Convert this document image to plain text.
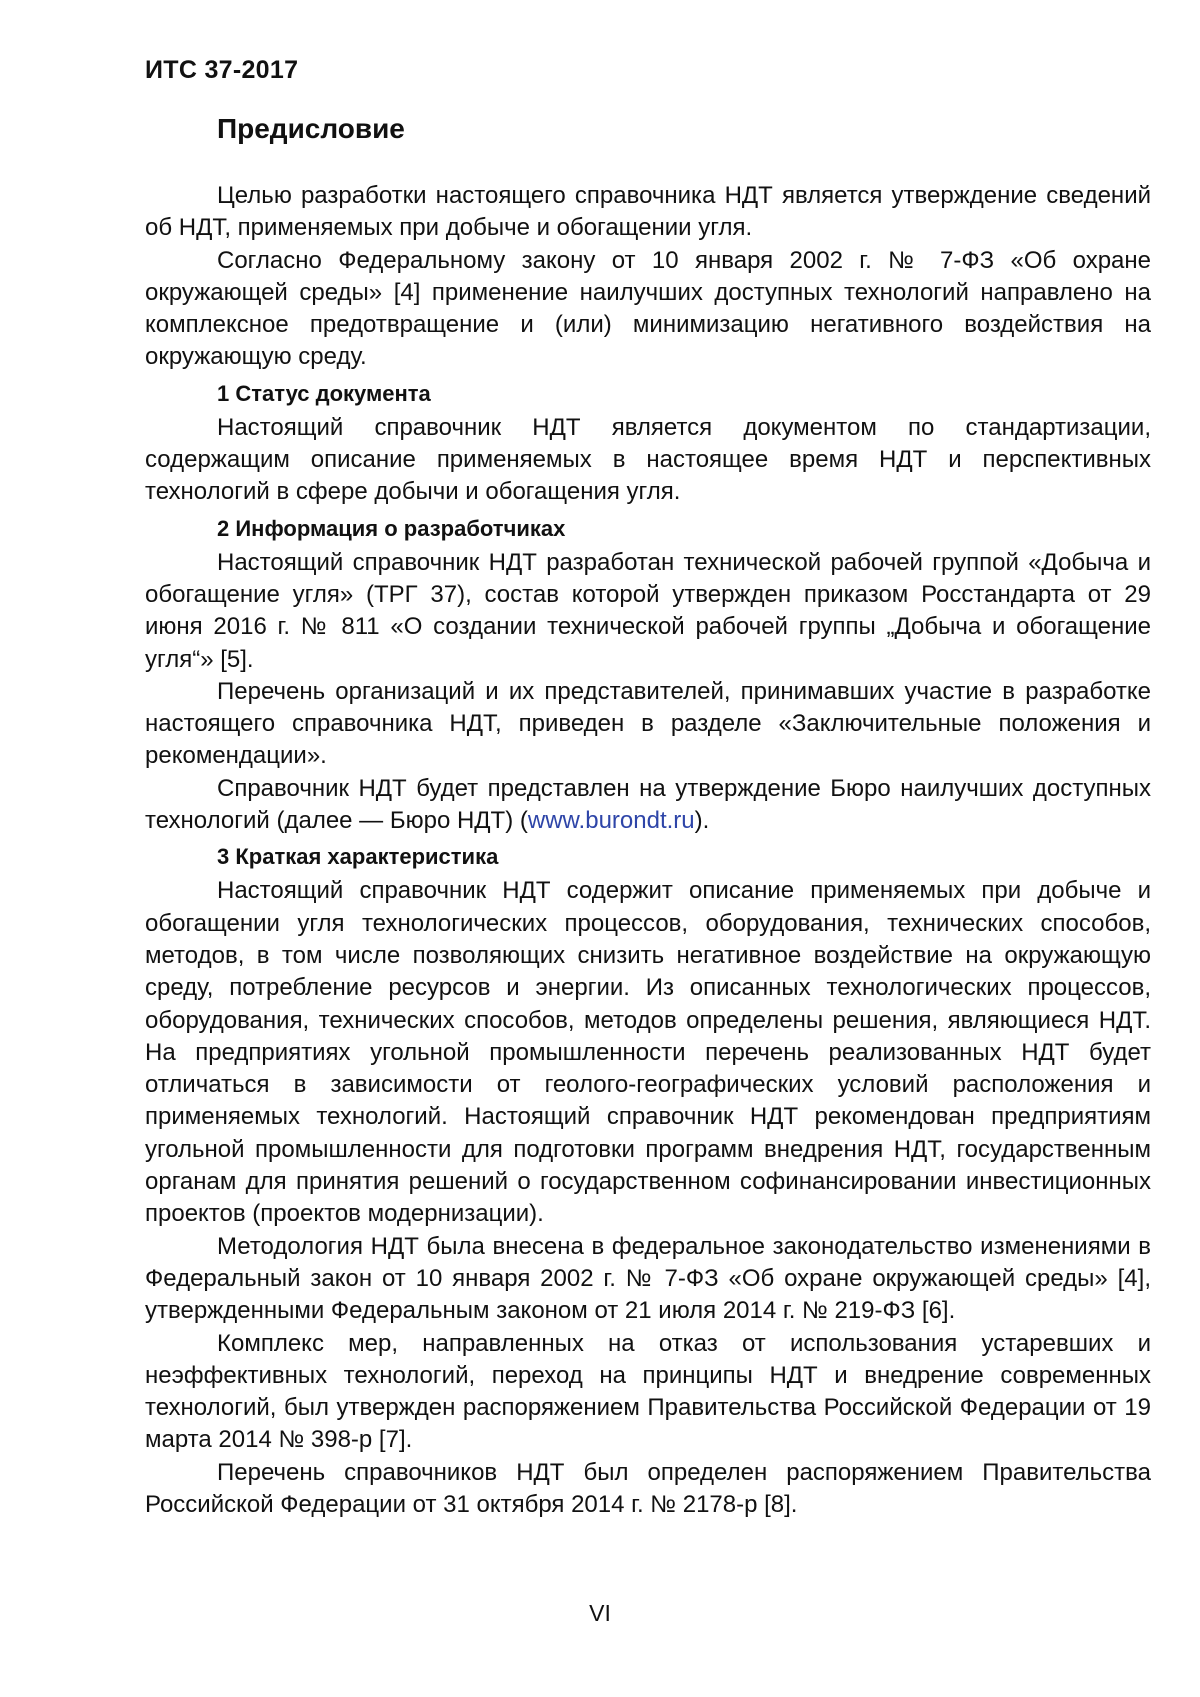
ИТС 37-2017
Предисловие

Целью разработки настоящего справочника НДТ является утверждение сведений об НДТ, применяемых при добыче и обогащении угля.

Согласно Федеральному закону от 10 января 2002 г. № 7-ФЗ «Об охране окружающей среды» [4] применение наилучших доступных технологий направлено на комплексное предотвращение и (или) минимизацию негативного воздействия на окружающую среду.

1 Статус документа

Настоящий справочник НДТ является документом по стандартизации, содержащим описание применяемых в настоящее время НДТ и перспективных технологий в сфере добычи и обогащения угля.

2 Информация о разработчиках

Настоящий справочник НДТ разработан технической рабочей группой «Добыча и обогащение угля» (ТРГ 37), состав которой утвержден приказом Росстандарта от 29 июня 2016 г. № 811 «О создании технической рабочей группы „Добыча и обогащение угля“» [5].

Перечень организаций и их представителей, принимавших участие в разработке настоящего справочника НДТ, приведен в разделе «Заключительные положения и рекомендации».

Справочник НДТ будет представлен на утверждение Бюро наилучших доступных технологий (далее — Бюро НДТ) (www.burondt.ru).

3 Краткая характеристика

Настоящий справочник НДТ содержит описание применяемых при добыче и обогащении угля технологических процессов, оборудования, технических способов, методов, в том числе позволяющих снизить негативное воздействие на окружающую среду, потребление ресурсов и энергии. Из описанных технологических процессов, оборудования, технических способов, методов определены решения, являющиеся НДТ. На предприятиях угольной промышленности перечень реализованных НДТ будет отличаться в зависимости от геолого-географических условий расположения и применяемых технологий. Настоящий справочник НДТ рекомендован предприятиям угольной промышленности для подготовки программ внедрения НДТ, государственным органам для принятия решений о государственном софинансировании инвестиционных проектов (проектов модернизации).

Методология НДТ была внесена в федеральное законодательство изменениями в Федеральный закон от 10 января 2002 г. № 7-ФЗ «Об охране окружающей среды» [4], утвержденными Федеральным законом от 21 июля 2014 г. № 219-ФЗ [6].

Комплекс мер, направленных на отказ от использования устаревших и неэффективных технологий, переход на принципы НДТ и внедрение современных технологий, был утвержден распоряжением Правительства Российской Федерации от 19 марта 2014 № 398-р [7].

Перечень справочников НДТ был определен распоряжением Правительства Российской Федерации от 31 октября 2014 г. № 2178-р [8].

VI
